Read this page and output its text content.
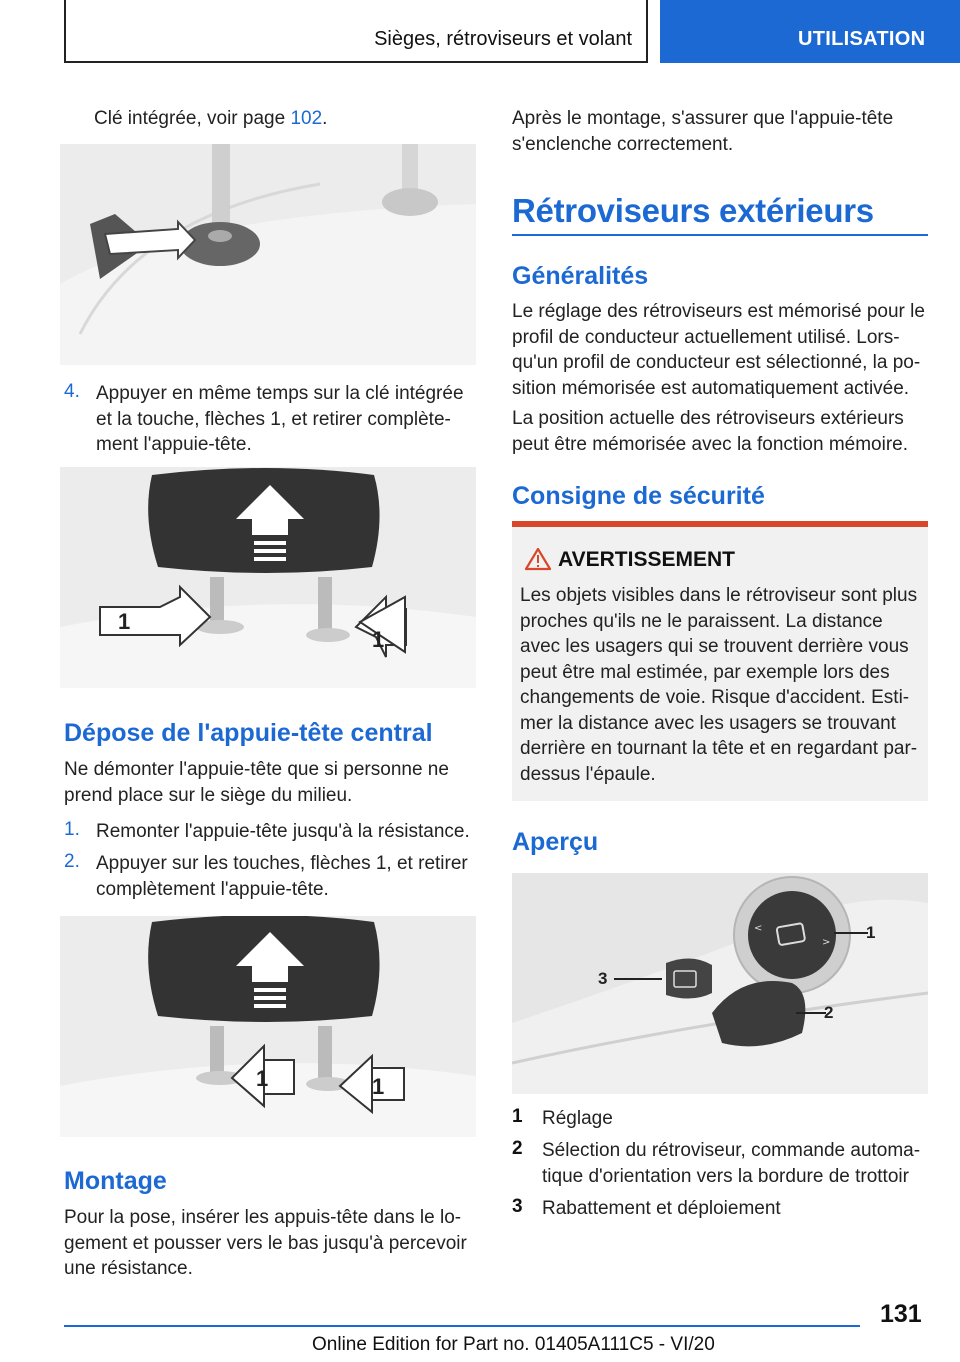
Sièges, rétroviseurs et volant	UTILISATION
Clé intégrée, voir page 102.
4. Appuyer en même temps sur la clé intégrée
et la touche, flèches 1, et retirer complète-
ment l'appuie-tête.
1
1
Dépose de l'appuie-tête central
Ne démonter l'appuie-tête que si personne ne
prend place sur le siège du milieu.
1. Remonter l'appuie-tête jusqu'à la résistance.
2. Appuyer sur les touches, flèches 1, et retirer
complètement l'appuie-tête.
1	1
Montage
Pour la pose, insérer les appuis-tête dans le lo-
gement et pousser vers le bas jusqu'à percevoir
une résistance.
Après le montage, s'assurer que l'appuie-tête
s'enclenche correctement.
Rétroviseurs extérieurs
Généralités
Le réglage des rétroviseurs est mémorisé pour le
profil de conducteur actuellement utilisé. Lors-
qu'un profil de conducteur est sélectionné, la po-
sition mémorisée est automatiquement activée.
La position actuelle des rétroviseurs extérieurs
peut être mémorisée avec la fonction mémoire.
Consigne de sécurité
AVERTISSEMENT
Les objets visibles dans le rétroviseur sont plus
proches qu'ils ne le paraissent. La distance
avec les usagers qui se trouvent derrière vous
peut être mal estimée, par exemple lors des
changements de voie. Risque d'accident. Esti-
mer la distance avec les usagers se trouvant
derrière en tournant la tête et en regardant par-
dessus l'épaule.
Aperçu
<
>
1
2
3
1 Réglage
2 Sélection du rétroviseur, commande automa-
tique d'orientation vers la bordure de trottoir
3 Rabattement et déploiement
131
Online Edition for Part no. 01405A111C5 - VI/20
